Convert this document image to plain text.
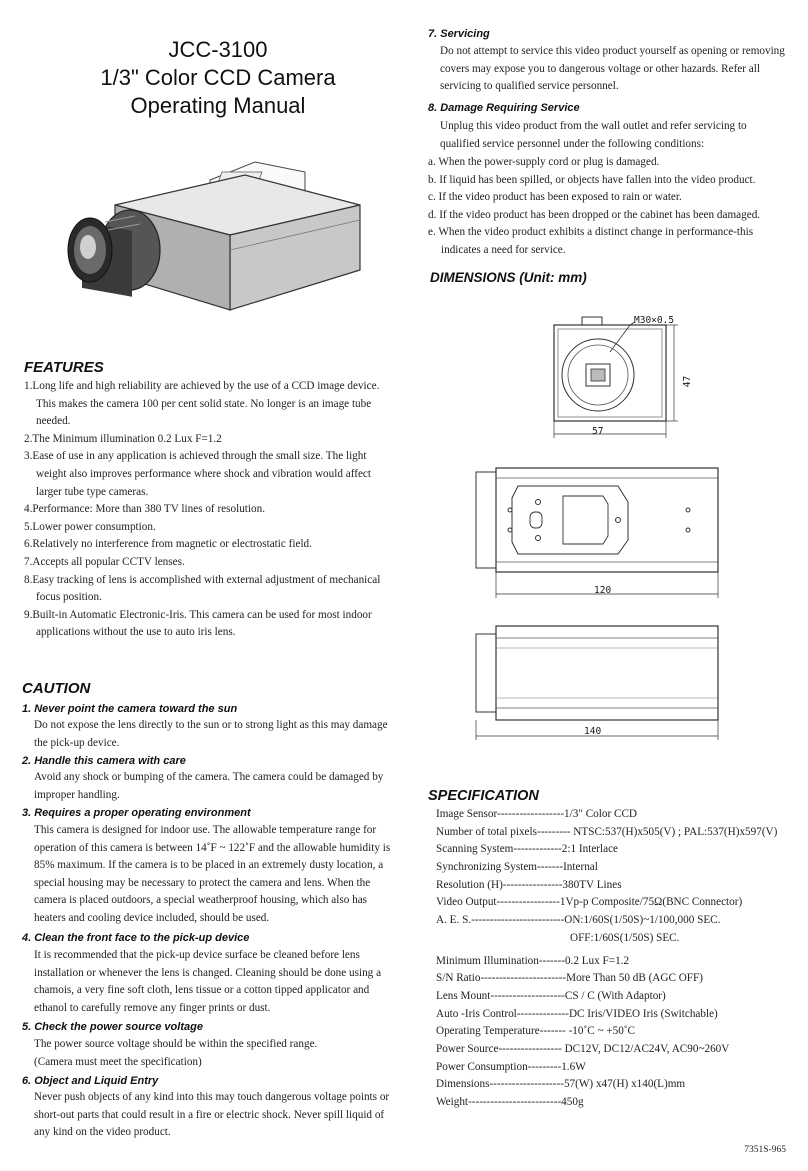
JCC-3100
1/3" Color CCD Camera
Operating Manual
FEATURES
1.Long life and high reliability are achieved by the use of a CCD image device. This makes the camera 100 per cent solid state. No longer is an image tube needed.
2.The Minimum illumination 0.2 Lux F=1.2
3.Ease of use in any application is achieved through the small size. The light weight also improves performance where shock and vibration would affect larger tube type cameras.
4.Performance: More than 380 TV lines of resolution.
5.Lower power consumption.
6.Relatively no interference from magnetic or electrostatic field.
7.Accepts all popular CCTV lenses.
8.Easy tracking of lens is accomplished with external adjustment of mechanical focus position.
9.Built-in Automatic Electronic-Iris. This camera can be used for most indoor applications without the use to auto iris lens.
CAUTION
1. Never point the camera toward the sun
Do not expose the lens directly to the sun or to strong light as this may damage the pick-up device.
2. Handle this camera with care
Avoid any shock or bumping of the camera. The camera could be damaged by improper handling.
3. Requires a proper operating environment
This camera is designed for indoor use. The allowable temperature range for operation of this camera is between 14˚F ~ 122˚F and the allowable humidity is 85% maximum. If the camera is to be placed in an extremely dusty location, a special housing may be necessary to protect the camera and lens. When the camera is placed outdoors, a special weatherproof housing, which also has heaters and cooling device included, should be used.
4. Clean the front face to the pick-up device
It is recommended that the pick-up device surface be cleaned before lens installation or whenever the lens is changed. Cleaning should be done using a chamois, a very fine soft cloth, lens tissue or a cotton tipped applicator and ethanol to carefully remove any finger prints or dust.
5. Check the power source voltage
The power source voltage should be within the specified range.
(Camera must meet the specification)
6. Object and Liquid Entry
Never push objects of any kind into this may touch dangerous voltage points or short-out parts that could result in a fire or electric shock. Never spill liquid of any kind on the video product.
7. Servicing
Do not attempt to service this video product yourself as opening or removing covers may expose you to dangerous voltage or other hazards. Refer all servicing to qualified service personnel.
8. Damage Requiring Service
Unplug this video product from the wall outlet and refer servicing to qualified service personnel under the following conditions:
a. When the power-supply cord or plug is damaged.
b. If liquid has been spilled, or objects have fallen into the video product.
c. If the video product has been exposed to rain or water.
d. If the video product has been dropped or the cabinet has been damaged.
e. When the video product exhibits a distinct change in performance-this indicates a need for service.
DIMENSIONS (Unit: mm)
M30×0.5
47
57
120
140
SPECIFICATION
Image Sensor------------------1/3" Color CCD
Number of total pixels--------- NTSC:537(H)x505(V) ; PAL:537(H)x597(V)
Scanning System-------------2:1 Interlace
Synchronizing System-------Internal
Resolution (H)----------------380TV Lines
Video Output-----------------1Vp-p Composite/75Ω(BNC Connector)
A. E. S.-------------------------ON:1/60S(1/50S)~1/100,000 SEC.
OFF:1/60S(1/50S) SEC.
Minimum Illumination-------0.2 Lux F=1.2
S/N Ratio-----------------------More Than 50 dB (AGC OFF)
Lens Mount--------------------CS / C (With Adaptor)
Auto -Iris Control--------------DC Iris/VIDEO Iris (Switchable)
Operating Temperature------- -10˚C ~ +50˚C
Power Source----------------- DC12V, DC12/AC24V, AC90~260V
Power Consumption---------1.6W
Dimensions--------------------57(W) x47(H) x140(L)mm
Weight-------------------------450g
7351S-965
